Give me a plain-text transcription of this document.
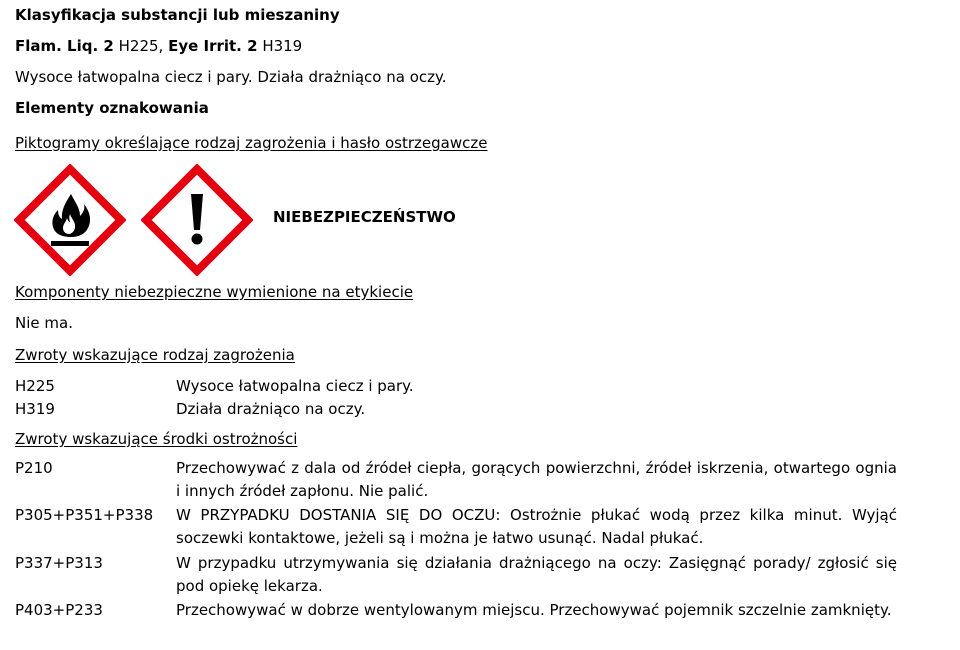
Klasyfikacja substancji lub mieszaniny
Flam. Liq. 2 H225, Eye Irrit. 2 H319
Wysoce łatwopalna ciecz i pary. Działa drażniąco na oczy.
Elementy oznakowania
Piktogramy określające rodzaj zagrożenia i hasło ostrzegawcze
NIEBEZPIECZEŃSTWO
Komponenty niebezpieczne wymienione na etykiecie
Nie ma.
Zwroty wskazujące rodzaj zagrożenia
H225	Wysoce łatwopalna ciecz i pary.
H319	Działa drażniąco na oczy.
Zwroty wskazujące środki ostrożności
P210	Przechowywać z dala od źródeł ciepła, gorących powierzchni, źródeł iskrzenia, otwartego ognia i innych źródeł zapłonu. Nie palić.
P305+P351+P338 W PRZYPADKU DOSTANIA SIĘ DO OCZU: Ostrożnie płukać wodą przez kilka minut. Wyjąć soczewki kontaktowe, jeżeli są i można je łatwo usunąć. Nadal płukać.
P337+P313	W przypadku utrzymywania się działania drażniącego na oczy: Zasięgnąć porady/ zgłosić się pod opiekę lekarza.
P403+P233	Przechowywać w dobrze wentylowanym miejscu. Przechowywać pojemnik szczelnie zamknięty.
